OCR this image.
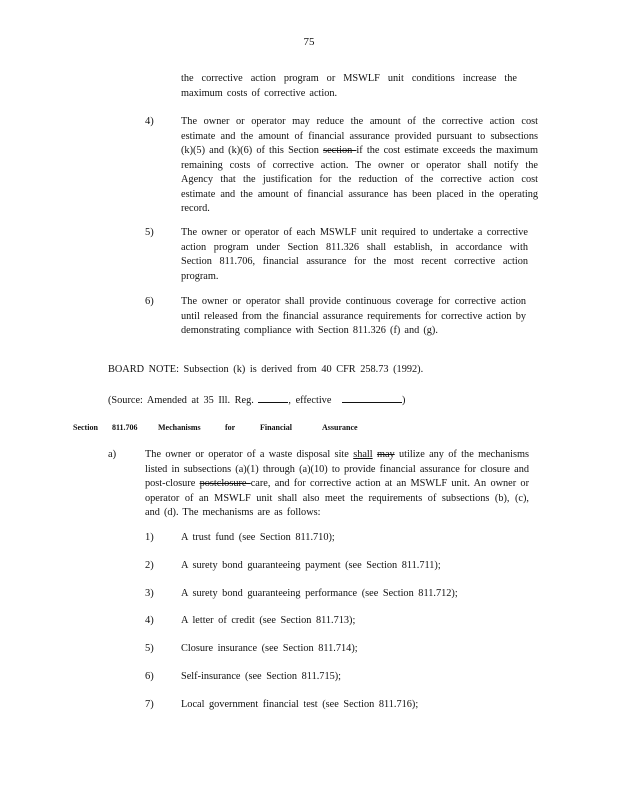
75
the corrective action program or MSWLF unit conditions increase the maximum costs of corrective action.
4)	The owner or operator may reduce the amount of the corrective action cost estimate and the amount of financial assurance provided pursuant to subsections (k)(5) and (k)(6) of this Section section if the cost estimate exceeds the maximum remaining costs of corrective action. The owner or operator shall notify the Agency that the justification for the reduction of the corrective action cost estimate and the amount of financial assurance has been placed in the operating record.
5)	The owner or operator of each MSWLF unit required to undertake a corrective action program under Section 811.326 shall establish, in accordance with Section 811.706, financial assurance for the most recent corrective action program.
6)	The owner or operator shall provide continuous coverage for corrective action until released from the financial assurance requirements for corrective action by demonstrating compliance with Section 811.326 (f) and (g).
BOARD NOTE: Subsection (k) is derived from 40 CFR 258.73 (1992).
(Source: Amended at 35 Ill. Reg.	, effective	)
Section 811.706	Mechanisms	for	Financial	Assurance
a)	The owner or operator of a waste disposal site shall may utilize any of the mechanisms listed in subsections (a)(1) through (a)(10) to provide financial assurance for closure and post-closure postclosure care, and for corrective action at an MSWLF unit. An owner or operator of an MSWLF unit shall also meet the requirements of subsections (b), (c), and (d). The mechanisms are as follows:
1)	A trust fund (see Section 811.710);
2)	A surety bond guaranteeing payment (see Section 811.711);
3)	A surety bond guaranteeing performance (see Section 811.712);
4)	A letter of credit (see Section 811.713);
5)	Closure insurance (see Section 811.714);
6)	Self-insurance (see Section 811.715);
7)	Local government financial test (see Section 811.716);
